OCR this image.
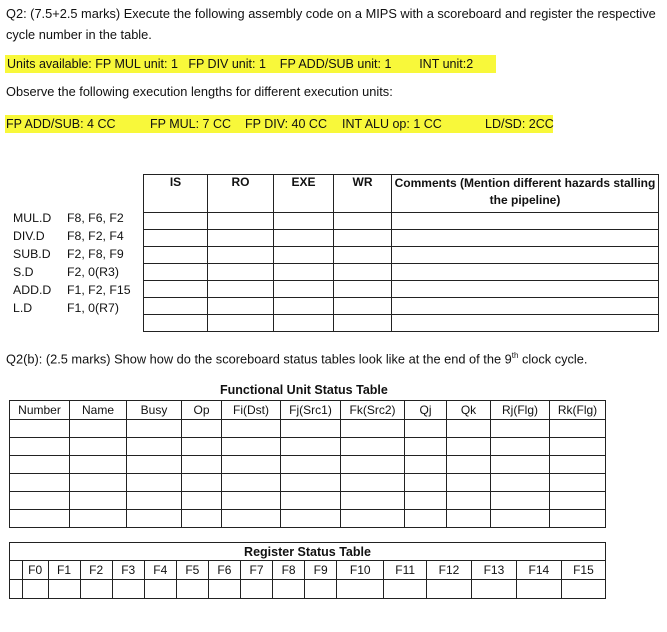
Q2: (7.5+2.5 marks) Execute the following assembly code on a MIPS with a scoreboard and register the respective cycle number in the table.
Units available: FP MUL unit: 1   FP DIV unit: 1    FP ADD/SUB unit: 1        INT unit:2
Observe the following execution lengths for different execution units:
FP ADD/SUB: 4 CC	FP MUL: 7 CC FP DIV: 40 CC INT ALU op: 1 CC	LD/SD: 2CC
IS	RO	EXE	WR	Comments (Mention different hazards stalling the pipeline)

MUL.D F8, F6, F2
DIV.D F8, F2, F4
SUB.D F2, F8, F9
S.D	F2, 0(R3)
ADD.D F1, F2, F15
L.D	F1, 0(R7)
Q2(b): (2.5 marks) Show how do the scoreboard status tables look like at the end of the 9th clock cycle.
Functional Unit Status Table
Number	Name	Busy	Op	Fi(Dst)	Fj(Src1)	Fk(Src2)	Qj	Qk	Rj(Flg)	Rk(Flg)

Register Status Table																
	F0	F1	F2	F3	F4	F5	F6	F7	F8	F9	F10	F11	F12	F13	F14	F15
